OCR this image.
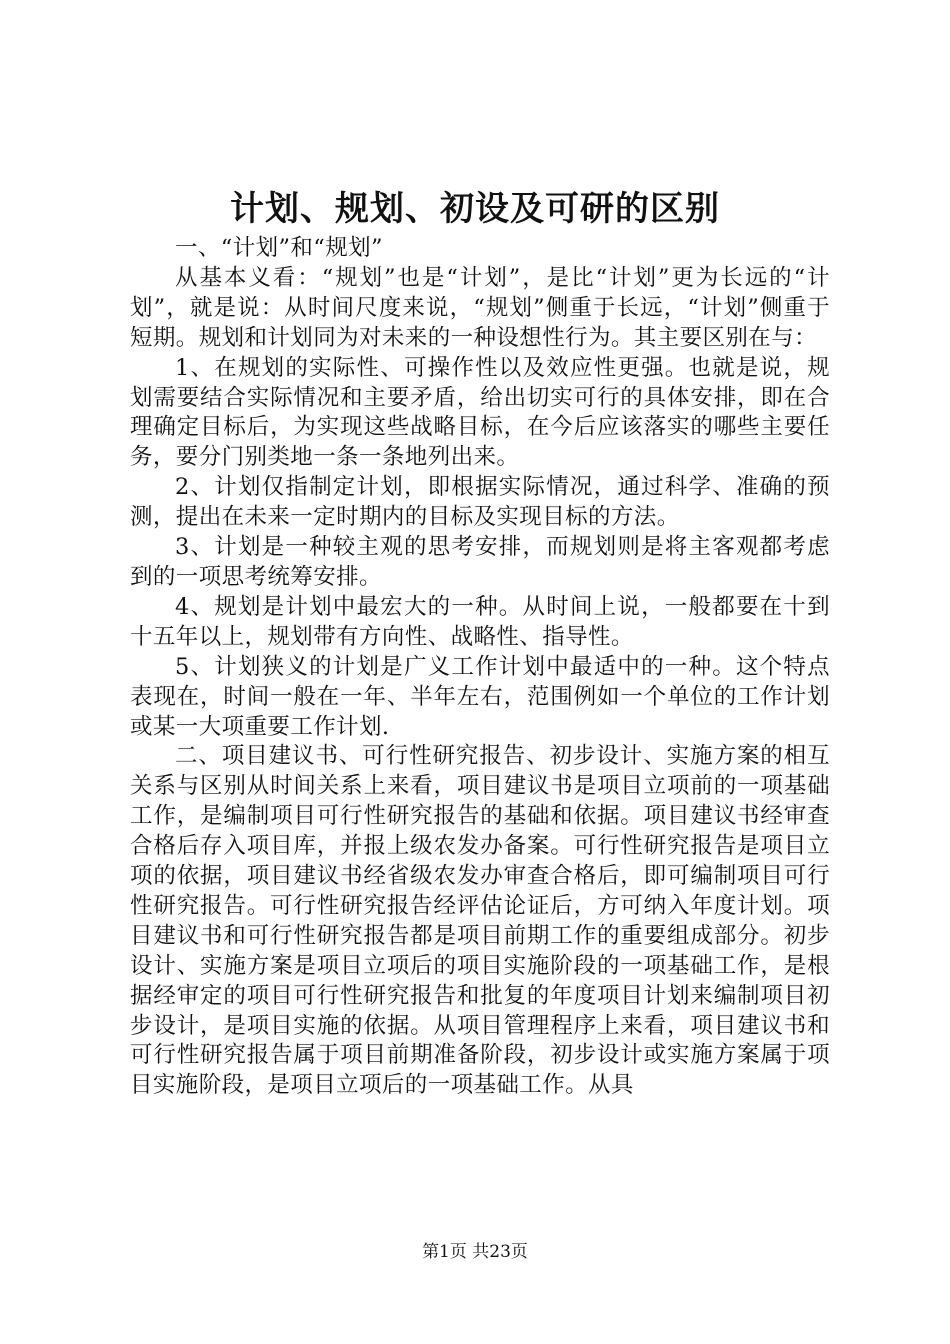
计划、规划、初设及可研的区别

一、“计划”和“规划”

从基本义看：“规划”也是“计划”，是比“计划”更为长远的“计划”，就是说：从时间尺度来说，“规划”侧重于长远，“计划”侧重于短期。规划和计划同为对未来的一种设想性行为。其主要区别在与：

1、在规划的实际性、可操作性以及效应性更强。也就是说，规划需要结合实际情况和主要矛盾，给出切实可行的具体安排，即在合理确定目标后，为实现这些战略目标，在今后应该落实的哪些主要任务，要分门别类地一条一条地列出来。

2、计划仅指制定计划，即根据实际情况，通过科学、准确的预测，提出在未来一定时期内的目标及实现目标的方法。

3、计划是一种较主观的思考安排，而规划则是将主客观都考虑到的一项思考统筹安排。

4、规划是计划中最宏大的一种。从时间上说，一般都要在十到十五年以上，规划带有方向性、战略性、指导性。

5、计划狭义的计划是广义工作计划中最适中的一种。这个特点表现在，时间一般在一年、半年左右，范围例如一个单位的工作计划或某一大项重要工作计划.

二、项目建议书、可行性研究报告、初步设计、实施方案的相互关系与区别从时间关系上来看，项目建议书是项目立项前的一项基础工作，是编制项目可行性研究报告的基础和依据。项目建议书经审查合格后存入项目库，并报上级农发办备案。可行性研究报告是项目立项的依据，项目建议书经省级农发办审查合格后，即可编制项目可行性研究报告。可行性研究报告经评估论证后，方可纳入年度计划。项目建议书和可行性研究报告都是项目前期工作的重要组成部分。初步设计、实施方案是项目立项后的项目实施阶段的一项基础工作，是根据经审定的项目可行性研究报告和批复的年度项目计划来编制项目初步设计，是项目实施的依据。从项目管理程序上来看，项目建议书和可行性研究报告属于项目前期准备阶段，初步设计或实施方案属于项目实施阶段，是项目立项后的一项基础工作。从具

第1页 共23页
